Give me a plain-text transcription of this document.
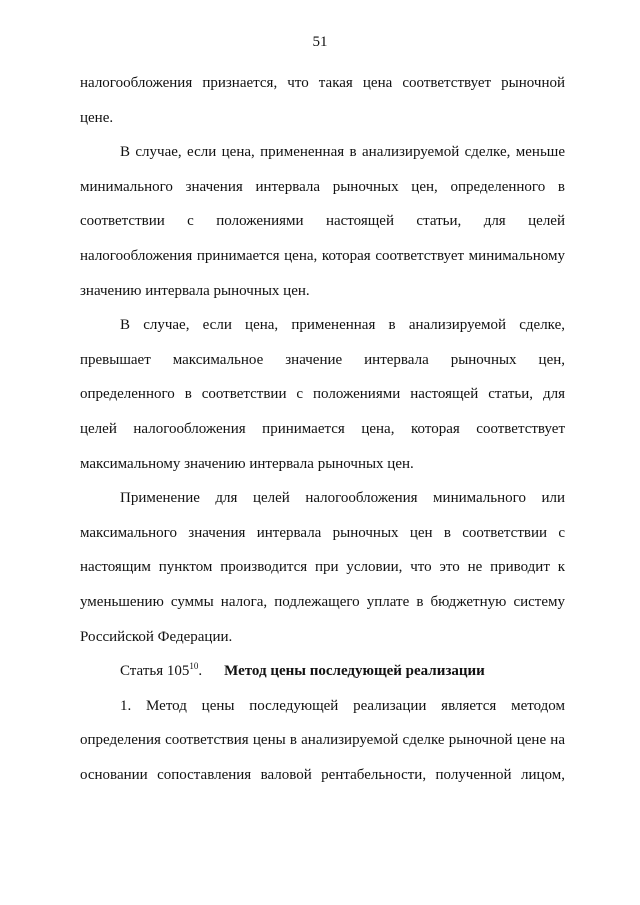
51

налогообложения признается, что такая цена соответствует рыночной
цене.

В случае, если цена, примененная в анализируемой сделке, меньше
минимального значения интервала рыночных цен, определенного в
соответствии с положениями настоящей статьи, для целей
налогообложения принимается цена, которая соответствует минимальному
значению интервала рыночных цен.

В случае, если цена, примененная в анализируемой сделке,
превышает максимальное значение интервала рыночных цен,
определенного в соответствии с положениями настоящей статьи, для
целей налогообложения принимается цена, которая соответствует
максимальному значению интервала рыночных цен.

Применение для целей налогообложения минимального или
максимального значения интервала рыночных цен в соответствии с
настоящим пунктом производится при условии, что это не приводит к
уменьшению суммы налога, подлежащего уплате в бюджетную систему
Российской Федерации.

Статья $105^{10}$. Метод цены последующей реализации

1. Метод цены последующей реализации является методом
определения соответствия цены в анализируемой сделке рыночной цене на
основании сопоставления валовой рентабельности, полученной лицом,
